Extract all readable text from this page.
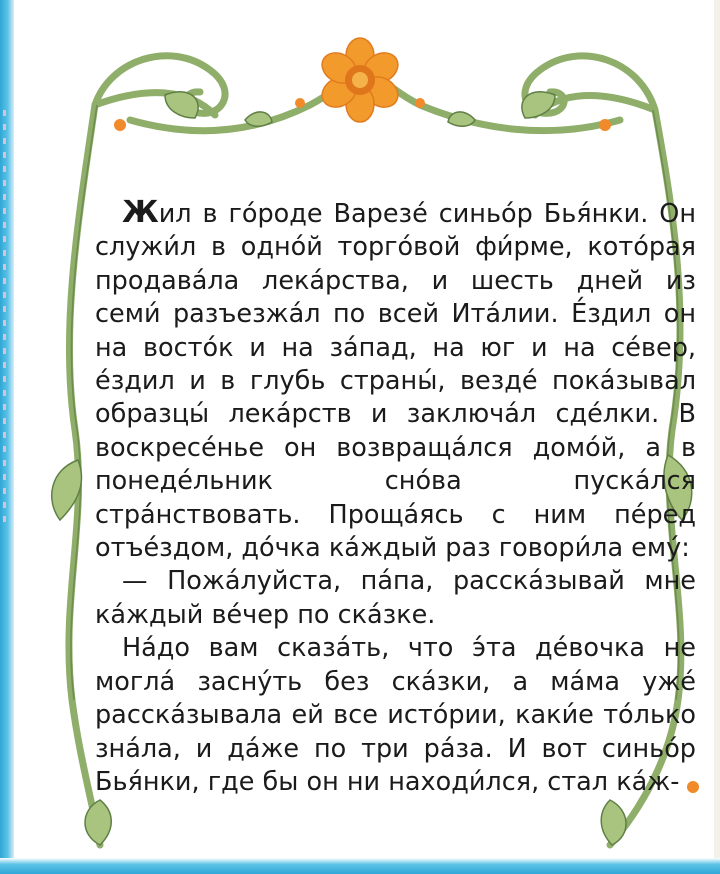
Жил в го́роде Варезе́ синьо́р Бья́нки. Он служи́л в одно́й торго́вой фи́рме, кото́рая продава́ла лека́рства, и шесть дней из семи́ разъезжа́л по всей Ита́лии. Е́здил он на восто́к и на за́пад, на юг и на се́вер, е́здил и в глубь страны́, везде́ пока́зывал образцы́ лека́рств и заключа́л сде́лки. В воскресе́нье он возвраща́лся домо́й, а в понеде́льник сно́ва пуска́лся стра́нствовать. Проща́ясь с ним пе́ред отъе́здом, до́чка ка́ждый раз говори́ла ему́:

— Пожа́луйста, па́па, расска́зывай мне ка́ждый ве́чер по ска́зке.

На́до вам сказа́ть, что э́та де́вочка не могла́ засну́ть без ска́зки, а ма́ма уже́ расска́зывала ей все исто́рии, каки́е то́лько зна́ла, и да́же по три ра́за. И вот синьо́р Бья́нки, где бы он ни находи́лся, стал ка́ж-
